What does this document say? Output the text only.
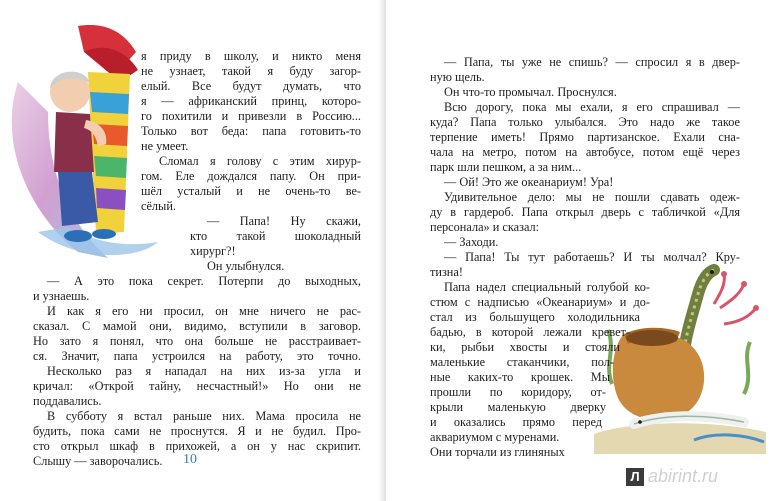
я приду в школу, и никто меня
не узнает, такой я буду загор-
елый. Все будут думать, что
я — африканский принц, которо-
го похитили и привезли в Россию...
Только вот беда: папа готовить-то
не умеет.
Сломал я голову с этим хирур-
гом. Еле дождался папу. Он при-
шёл усталый и не очень-то ве-
сёлый.
— Папа! Ну скажи,
кто такой шоколадный
хирург?!
Он улыбнулся.
— А это пока секрет. Потерпи до выходных,
и узнаешь.
И как я его ни просил, он мне ничего не рас-
сказал. С мамой они, видимо, вступили в заговор.
Но зато я понял, что она больше не расстраивает-
ся. Значит, папа устроился на работу, это точно.
Несколько раз я нападал на них из-за угла и
кричал: «Открой тайну, несчастный!» Но они не
поддавались.
В субботу я встал раньше них. Мама просила не
будить, пока сами не проснутся. Я и не будил. Про-
сто открыл шкаф в прихожей, а он у нас скрипит.
Слышу — заворочались. 10
— Папа, ты уже не спишь? — спросил я в двер-
ную щель.
Он что-то промычал. Проснулся.
Всю дорогу, пока мы ехали, я его спрашивал —
куда? Папа только улыбался. Это надо же такое
терпение иметь! Прямо партизанское. Ехали сна-
чала на метро, потом на автобусе, потом ещё через
парк шли пешком, а за ним...
— Ой! Это же океанариум! Ура!
Удивительное дело: мы не пошли сдавать одеж-
ду в гардероб. Папа открыл дверь с табличкой «Для
персонала» и сказал:
— Заходи.
— Папа! Ты тут работаешь? И ты молчал? Кру-
тизна!
Папа надел специальный голубой ко-
стюм с надписью «Океанариум» и до-
стал из большущего холодильника
бадью, в которой лежали кревет-
ки, рыбьи хвосты и стояли
маленькие стаканчики, пол-
ные каких-то крошек. Мы
прошли по коридору, от-
крыли маленькую дверку
и оказались прямо перед
аквариумом с муренами.
Они торчали из глиняных
Л abirint.ru
